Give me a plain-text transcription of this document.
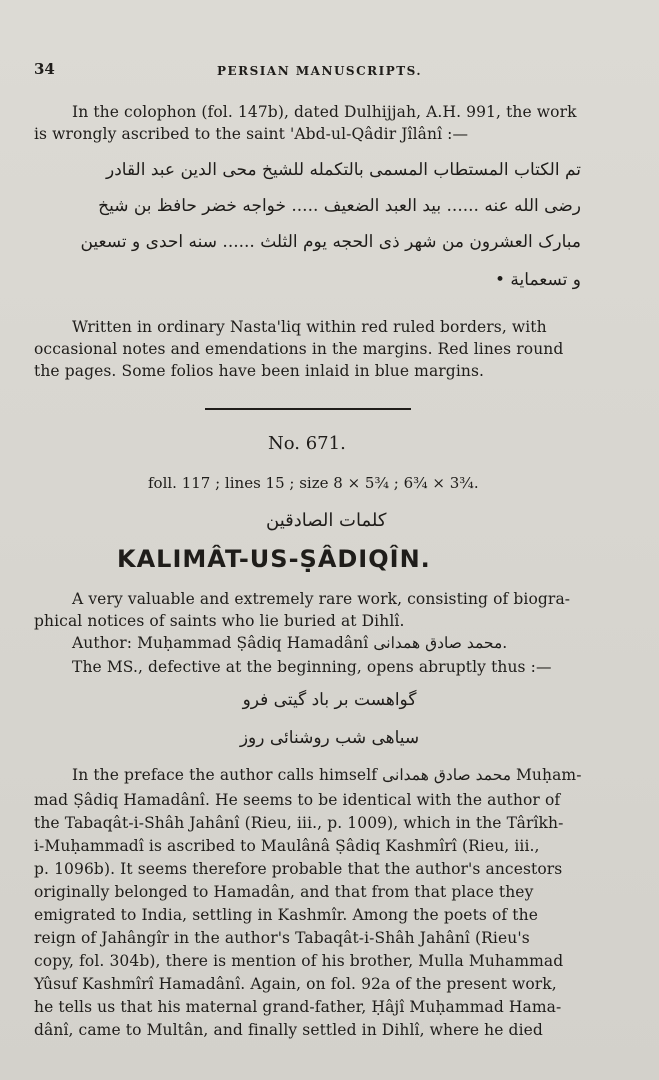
34	PERSIAN MANUSCRIPTS.
In the colophon (fol. 147b), dated Dulhijjah, A.H. 991, the work
is wrongly ascribed to the saint 'Abd-ul-Qâdir Jîlânî :—
تم الکتاب المستطاب المسمی بالتکمله للشیخ محی الدین عبد القادر
رضی الله عنه ...... بید العبد الضعیف ..... خواجه خضر حافظ بن شیخ
مبارک العشرون من شهر ذی الحجه یوم الثلث ...... سنه احدی و تسعین
و تسعمایة •
Written in ordinary Nasta'liq within red ruled borders, with
occasional notes and emendations in the margins. Red lines round
the pages. Some folios have been inlaid in blue margins.
No. 671.
foll. 117 ; lines 15 ; size 8 × 5¾ ; 6¾ × 3¾.
کلمات الصادقین
KALIMÂT-US-ṢÂDIQÎN.
A very valuable and extremely rare work, consisting of biogra-
phical notices of saints who lie buried at Dihlî.
Author: Muḥammad Ṣâdiq Hamadânî محمد صادق همدانی.
The MS., defective at the beginning, opens abruptly thus :—
گواهست بر باد گیتی فرو
سیاهی شب روشنائی روز
In the preface the author calls himself محمد صادق همدانی Muḥam-
mad Ṣâdiq Hamadânî. He seems to be identical with the author of
the Tabaqât-i-Shâh Jahânî (Rieu, iii., p. 1009), which in the Târîkh-
i-Muḥammadî is ascribed to Maulânâ Ṣâdiq Kashmîrî (Rieu, iii.,
p. 1096b). It seems therefore probable that the author's ancestors
originally belonged to Hamadân, and that from that place they
emigrated to India, settling in Kashmîr. Among the poets of the
reign of Jahângîr in the author's Tabaqât-i-Shâh Jahânî (Rieu's
copy, fol. 304b), there is mention of his brother, Mulla Muhammad
Yûsuf Kashmîrî Hamadânî. Again, on fol. 92a of the present work,
he tells us that his maternal grand-father, Ḥâjî Muḥammad Hama-
dânî, came to Multân, and finally settled in Dihlî, where he died
